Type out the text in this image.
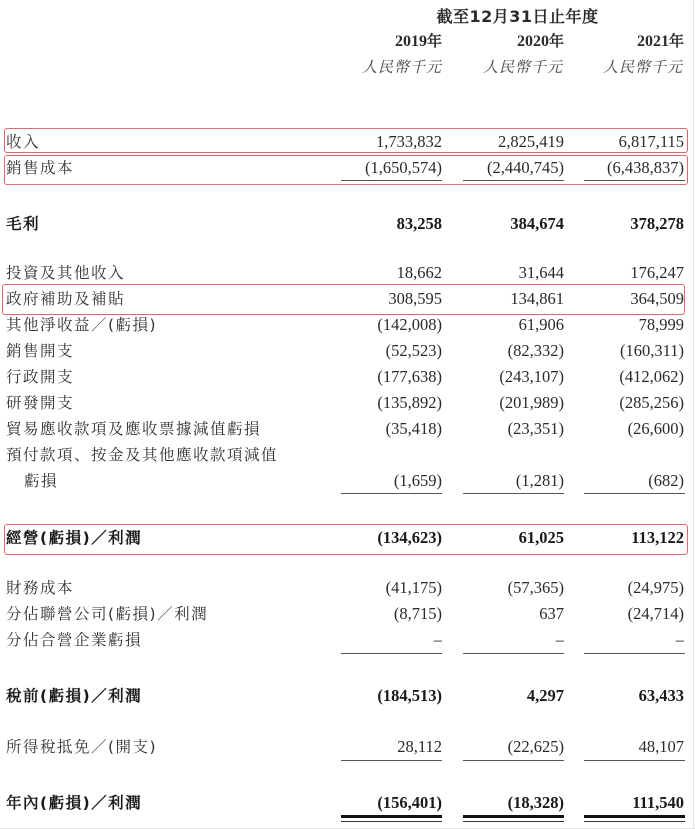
截至12月31日止年度
2019年	2020年	2021年
人民幣千元	人民幣千元	人民幣千元
收入	1,733,832	2,825,419	6,817,115
銷售成本	(1,650,574)	(2,440,745)	(6,438,837)
毛利	83,258	384,674	378,278
投資及其他收入	18,662	31,644	176,247
政府補助及補貼	308,595	134,861	364,509
其他淨收益／(虧損)	(142,008)	61,906	78,999
銷售開支	(52,523)	(82,332)	(160,311)
行政開支	(177,638)	(243,107)	(412,062)
研發開支	(135,892)	(201,989)	(285,256)
貿易應收款項及應收票據減值虧損	(35,418)	(23,351)	(26,600)
預付款項、按金及其他應收款項減值
虧損	(1,659)	(1,281)	(682)
經營(虧損)／利潤	(134,623)	61,025	113,122
財務成本	(41,175)	(57,365)	(24,975)
分佔聯營公司(虧損)／利潤	(8,715)	637	(24,714)
分佔合營企業虧損	–	–	–
稅前(虧損)／利潤	(184,513)	4,297	63,433
所得稅抵免／(開支)	28,112	(22,625)	48,107
年內(虧損)／利潤	(156,401)	(18,328)	111,540
